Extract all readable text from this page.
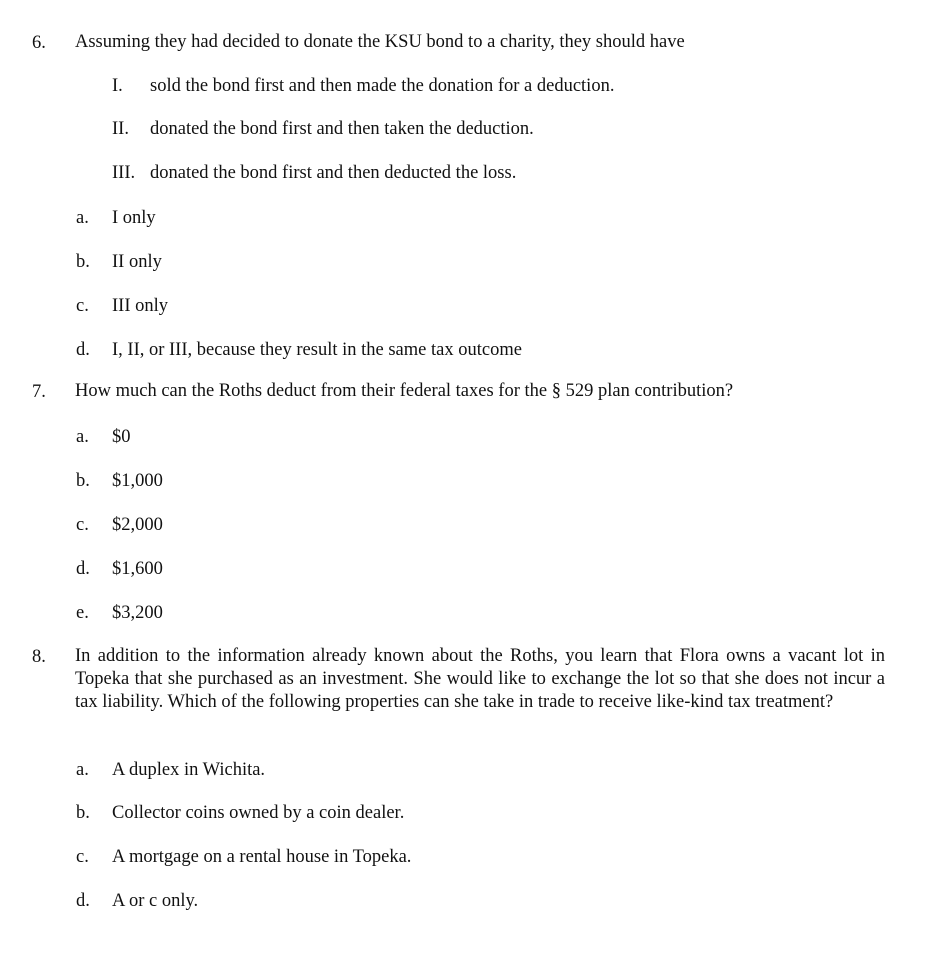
6. Assuming they had decided to donate the KSU bond to a charity, they should have
I. sold the bond first and then made the donation for a deduction.
II. donated the bond first and then taken the deduction.
III. donated the bond first and then deducted the loss.
a. I only
b. II only
c. III only
d. I, II, or III, because they result in the same tax outcome
7. How much can the Roths deduct from their federal taxes for the § 529 plan contribution?
a. $0
b. $1,000
c. $2,000
d. $1,600
e. $3,200
8. In addition to the information already known about the Roths, you learn that Flora owns a vacant lot in Topeka that she purchased as an investment. She would like to exchange the lot so that she does not incur a tax liability. Which of the following properties can she take in trade to receive like-kind tax treatment?
a. A duplex in Wichita.
b. Collector coins owned by a coin dealer.
c. A mortgage on a rental house in Topeka.
d. A or c only.
